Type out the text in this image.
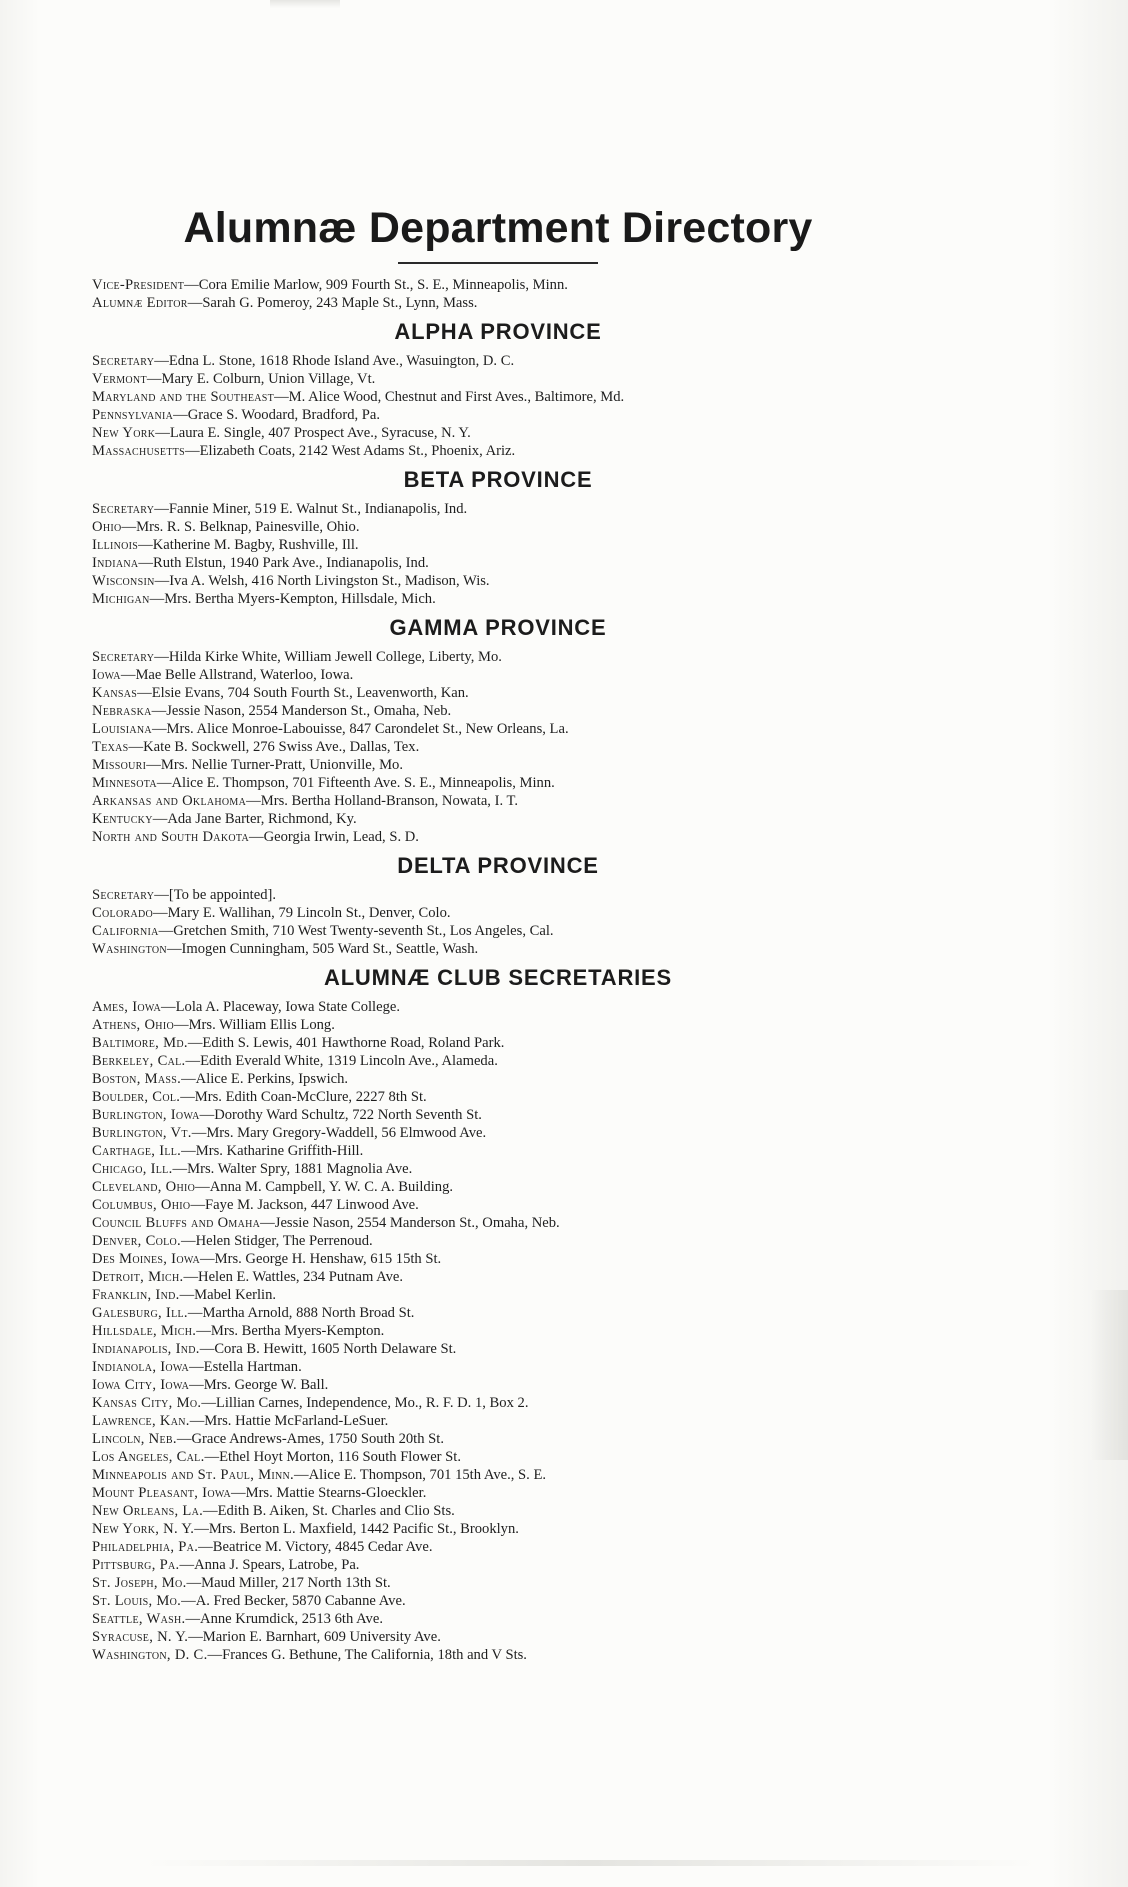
Alumnæ Department Directory
Vice-President—Cora Emilie Marlow, 909 Fourth St., S. E., Minneapolis, Minn.
Alumnæ Editor—Sarah G. Pomeroy, 243 Maple St., Lynn, Mass.
ALPHA PROVINCE
Secretary—Edna L. Stone, 1618 Rhode Island Ave., Wasuington, D. C.
Vermont—Mary E. Colburn, Union Village, Vt.
Maryland and the Southeast—M. Alice Wood, Chestnut and First Aves., Baltimore, Md.
Pennsylvania—Grace S. Woodard, Bradford, Pa.
New York—Laura E. Single, 407 Prospect Ave., Syracuse, N. Y.
Massachusetts—Elizabeth Coats, 2142 West Adams St., Phoenix, Ariz.
BETA PROVINCE
Secretary—Fannie Miner, 519 E. Walnut St., Indianapolis, Ind.
Ohio—Mrs. R. S. Belknap, Painesville, Ohio.
Illinois—Katherine M. Bagby, Rushville, Ill.
Indiana—Ruth Elstun, 1940 Park Ave., Indianapolis, Ind.
Wisconsin—Iva A. Welsh, 416 North Livingston St., Madison, Wis.
Michigan—Mrs. Bertha Myers-Kempton, Hillsdale, Mich.
GAMMA PROVINCE
Secretary—Hilda Kirke White, William Jewell College, Liberty, Mo.
Iowa—Mae Belle Allstrand, Waterloo, Iowa.
Kansas—Elsie Evans, 704 South Fourth St., Leavenworth, Kan.
Nebraska—Jessie Nason, 2554 Manderson St., Omaha, Neb.
Louisiana—Mrs. Alice Monroe-Labouisse, 847 Carondelet St., New Orleans, La.
Texas—Kate B. Sockwell, 276 Swiss Ave., Dallas, Tex.
Missouri—Mrs. Nellie Turner-Pratt, Unionville, Mo.
Minnesota—Alice E. Thompson, 701 Fifteenth Ave. S. E., Minneapolis, Minn.
Arkansas and Oklahoma—Mrs. Bertha Holland-Branson, Nowata, I. T.
Kentucky—Ada Jane Barter, Richmond, Ky.
North and South Dakota—Georgia Irwin, Lead, S. D.
DELTA PROVINCE
Secretary—[To be appointed].
Colorado—Mary E. Wallihan, 79 Lincoln St., Denver, Colo.
California—Gretchen Smith, 710 West Twenty-seventh St., Los Angeles, Cal.
Washington—Imogen Cunningham, 505 Ward St., Seattle, Wash.
ALUMNÆ CLUB SECRETARIES
Ames, Iowa—Lola A. Placeway, Iowa State College.
Athens, Ohio—Mrs. William Ellis Long.
Baltimore, Md.—Edith S. Lewis, 401 Hawthorne Road, Roland Park.
Berkeley, Cal.—Edith Everald White, 1319 Lincoln Ave., Alameda.
Boston, Mass.—Alice E. Perkins, Ipswich.
Boulder, Col.—Mrs. Edith Coan-McClure, 2227 8th St.
Burlington, Iowa—Dorothy Ward Schultz, 722 North Seventh St.
Burlington, Vt.—Mrs. Mary Gregory-Waddell, 56 Elmwood Ave.
Carthage, Ill.—Mrs. Katharine Griffith-Hill.
Chicago, Ill.—Mrs. Walter Spry, 1881 Magnolia Ave.
Cleveland, Ohio—Anna M. Campbell, Y. W. C. A. Building.
Columbus, Ohio—Faye M. Jackson, 447 Linwood Ave.
Council Bluffs and Omaha—Jessie Nason, 2554 Manderson St., Omaha, Neb.
Denver, Colo.—Helen Stidger, The Perrenoud.
Des Moines, Iowa—Mrs. George H. Henshaw, 615 15th St.
Detroit, Mich.—Helen E. Wattles, 234 Putnam Ave.
Franklin, Ind.—Mabel Kerlin.
Galesburg, Ill.—Martha Arnold, 888 North Broad St.
Hillsdale, Mich.—Mrs. Bertha Myers-Kempton.
Indianapolis, Ind.—Cora B. Hewitt, 1605 North Delaware St.
Indianola, Iowa—Estella Hartman.
Iowa City, Iowa—Mrs. George W. Ball.
Kansas City, Mo.—Lillian Carnes, Independence, Mo., R. F. D. 1, Box 2.
Lawrence, Kan.—Mrs. Hattie McFarland-LeSuer.
Lincoln, Neb.—Grace Andrews-Ames, 1750 South 20th St.
Los Angeles, Cal.—Ethel Hoyt Morton, 116 South Flower St.
Minneapolis and St. Paul, Minn.—Alice E. Thompson, 701 15th Ave., S. E.
Mount Pleasant, Iowa—Mrs. Mattie Stearns-Gloeckler.
New Orleans, La.—Edith B. Aiken, St. Charles and Clio Sts.
New York, N. Y.—Mrs. Berton L. Maxfield, 1442 Pacific St., Brooklyn.
Philadelphia, Pa.—Beatrice M. Victory, 4845 Cedar Ave.
Pittsburg, Pa.—Anna J. Spears, Latrobe, Pa.
St. Joseph, Mo.—Maud Miller, 217 North 13th St.
St. Louis, Mo.—A. Fred Becker, 5870 Cabanne Ave.
Seattle, Wash.—Anne Krumdick, 2513 6th Ave.
Syracuse, N. Y.—Marion E. Barnhart, 609 University Ave.
Washington, D. C.—Frances G. Bethune, The California, 18th and V Sts.
